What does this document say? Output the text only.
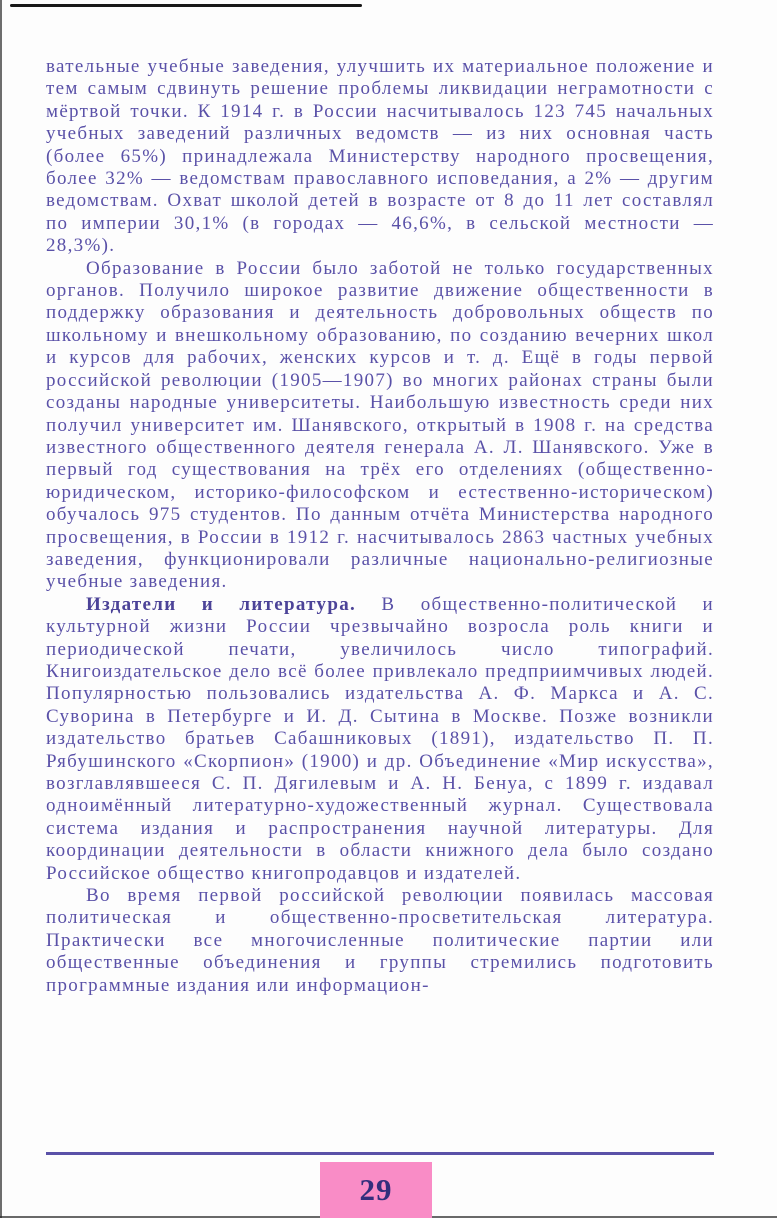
вательные учебные заведения, улучшить их материальное положение и тем самым сдвинуть решение проблемы ликвидации неграмотности с мёртвой точки. К 1914 г. в России насчитывалось 123 745 начальных учебных заведений различных ведомств — из них основная часть (более 65%) принадлежала Министерству народного просвещения, более 32% — ведомствам православного исповедания, а 2% — другим ведомствам. Охват школой детей в возрасте от 8 до 11 лет составлял по империи 30,1% (в городах — 46,6%, в сельской местности — 28,3%).

Образование в России было заботой не только государственных органов. Получило широкое развитие движение общественности в поддержку образования и деятельность добровольных обществ по школьному и внешкольному образованию, по созданию вечерних школ и курсов для рабочих, женских курсов и т. д. Ещё в годы первой российской революции (1905—1907) во многих районах страны были созданы народные университеты. Наибольшую известность среди них получил университет им. Шанявского, открытый в 1908 г. на средства известного общественного деятеля генерала А. Л. Шанявского. Уже в первый год существования на трёх его отделениях (общественно-юридическом, историко-философском и естественно-историческом) обучалось 975 студентов. По данным отчёта Министерства народного просвещения, в России в 1912 г. насчитывалось 2863 частных учебных заведения, функционировали различные национально-религиозные учебные заведения.

Издатели и литература. В общественно-политической и культурной жизни России чрезвычайно возросла роль книги и периодической печати, увеличилось число типографий. Книгоиздательское дело всё более привлекало предприимчивых людей. Популярностью пользовались издательства А. Ф. Маркса и А. С. Суворина в Петербурге и И. Д. Сытина в Москве. Позже возникли издательство братьев Сабашниковых (1891), издательство П. П. Рябушинского «Скорпион» (1900) и др. Объединение «Мир искусства», возглавлявшееся С. П. Дягилевым и А. Н. Бенуа, с 1899 г. издавал одноимённый литературно-художественный журнал. Существовала система издания и распространения научной литературы. Для координации деятельности в области книжного дела было создано Российское общество книгопродавцов и издателей.

Во время первой российской революции появилась массовая политическая и общественно-просветительская литература. Практически все многочисленные политические партии или общественные объединения и группы стремились подготовить программные издания или информацион-

29
